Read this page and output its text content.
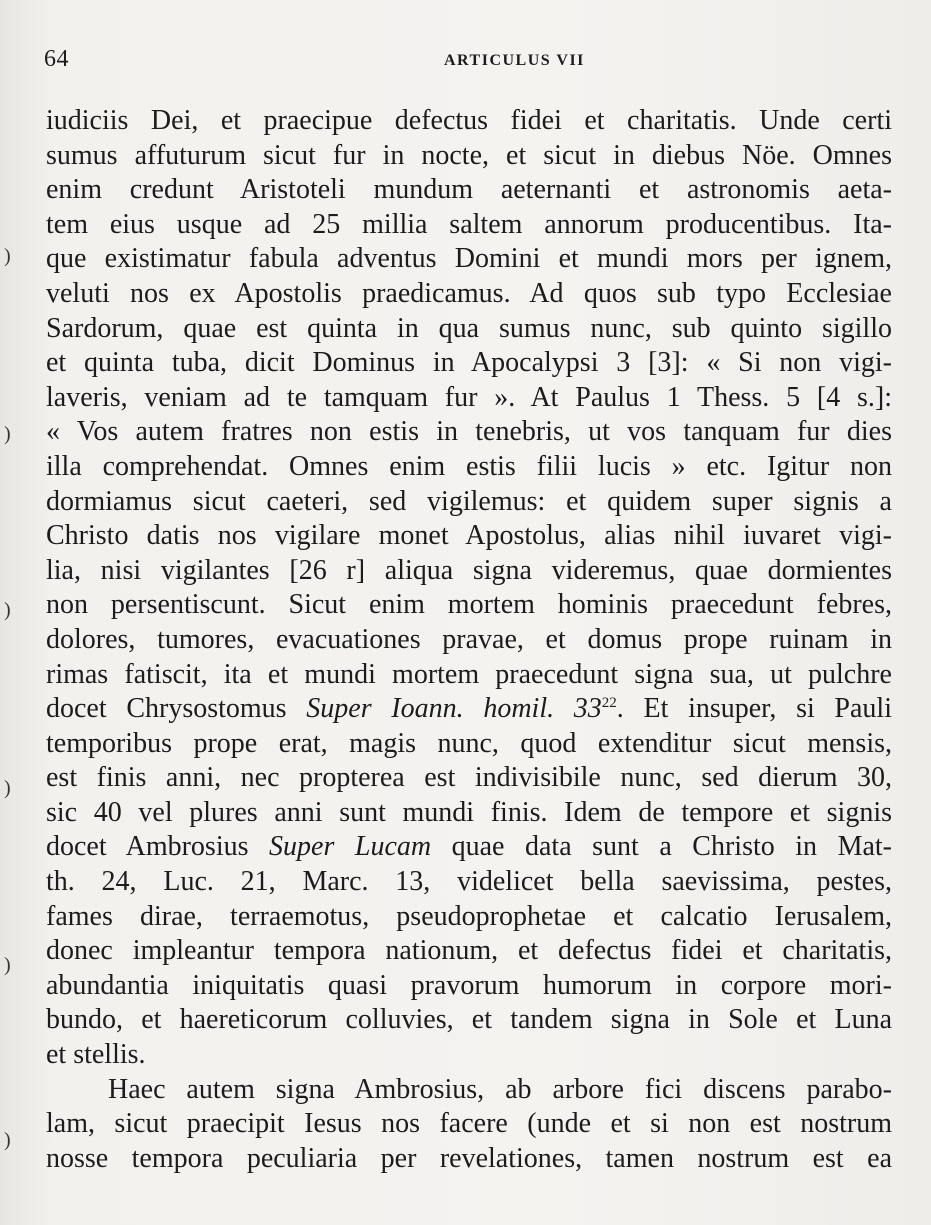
)
)
)
)
)
)
64	ARTICULUS VII
iudiciis Dei, et praecipue defectus fidei et charitatis. Unde certi
sumus affuturum sicut fur in nocte, et sicut in diebus Nöe. Omnes
enim credunt Aristoteli mundum aeternanti et astronomis aeta-
tem eius usque ad 25 millia saltem annorum producentibus. Ita-
que existimatur fabula adventus Domini et mundi mors per ignem,
veluti nos ex Apostolis praedicamus. Ad quos sub typo Ecclesiae
Sardorum, quae est quinta in qua sumus nunc, sub quinto sigillo
et quinta tuba, dicit Dominus in Apocalypsi 3 [3]: « Si non vigi-
laveris, veniam ad te tamquam fur ». At Paulus 1 Thess. 5 [4 s.]:
« Vos autem fratres non estis in tenebris, ut vos tanquam fur dies
illa comprehendat. Omnes enim estis filii lucis » etc. Igitur non
dormiamus sicut caeteri, sed vigilemus: et quidem super signis a
Christo datis nos vigilare monet Apostolus, alias nihil iuvaret vigi-
lia, nisi vigilantes [26 r] aliqua signa videremus, quae dormientes
non persentiscunt. Sicut enim mortem hominis praecedunt febres,
dolores, tumores, evacuationes pravae, et domus prope ruinam in
rimas fatiscit, ita et mundi mortem praecedunt signa sua, ut pulchre
docet Chrysostomus Super Ioann. homil. $33^{22}$. Et insuper, si Pauli
temporibus prope erat, magis nunc, quod extenditur sicut mensis,
est finis anni, nec propterea est indivisibile nunc, sed dierum 30,
sic 40 vel plures anni sunt mundi finis. Idem de tempore et signis
docet Ambrosius Super Lucam quae data sunt a Christo in Mat-
th. 24, Luc. 21, Marc. 13, videlicet bella saevissima, pestes,
fames dirae, terraemotus, pseudoprophetae et calcatio Ierusalem,
donec impleantur tempora nationum, et defectus fidei et charitatis,
abundantia iniquitatis quasi pravorum humorum in corpore mori-
bundo, et haereticorum colluvies, et tandem signa in Sole et Luna
et stellis.
Haec autem signa Ambrosius, ab arbore fici discens parabo-
lam, sicut praecipit Iesus nos facere (unde et si non est nostrum
nosse tempora peculiaria per revelationes, tamen nostrum est ea
